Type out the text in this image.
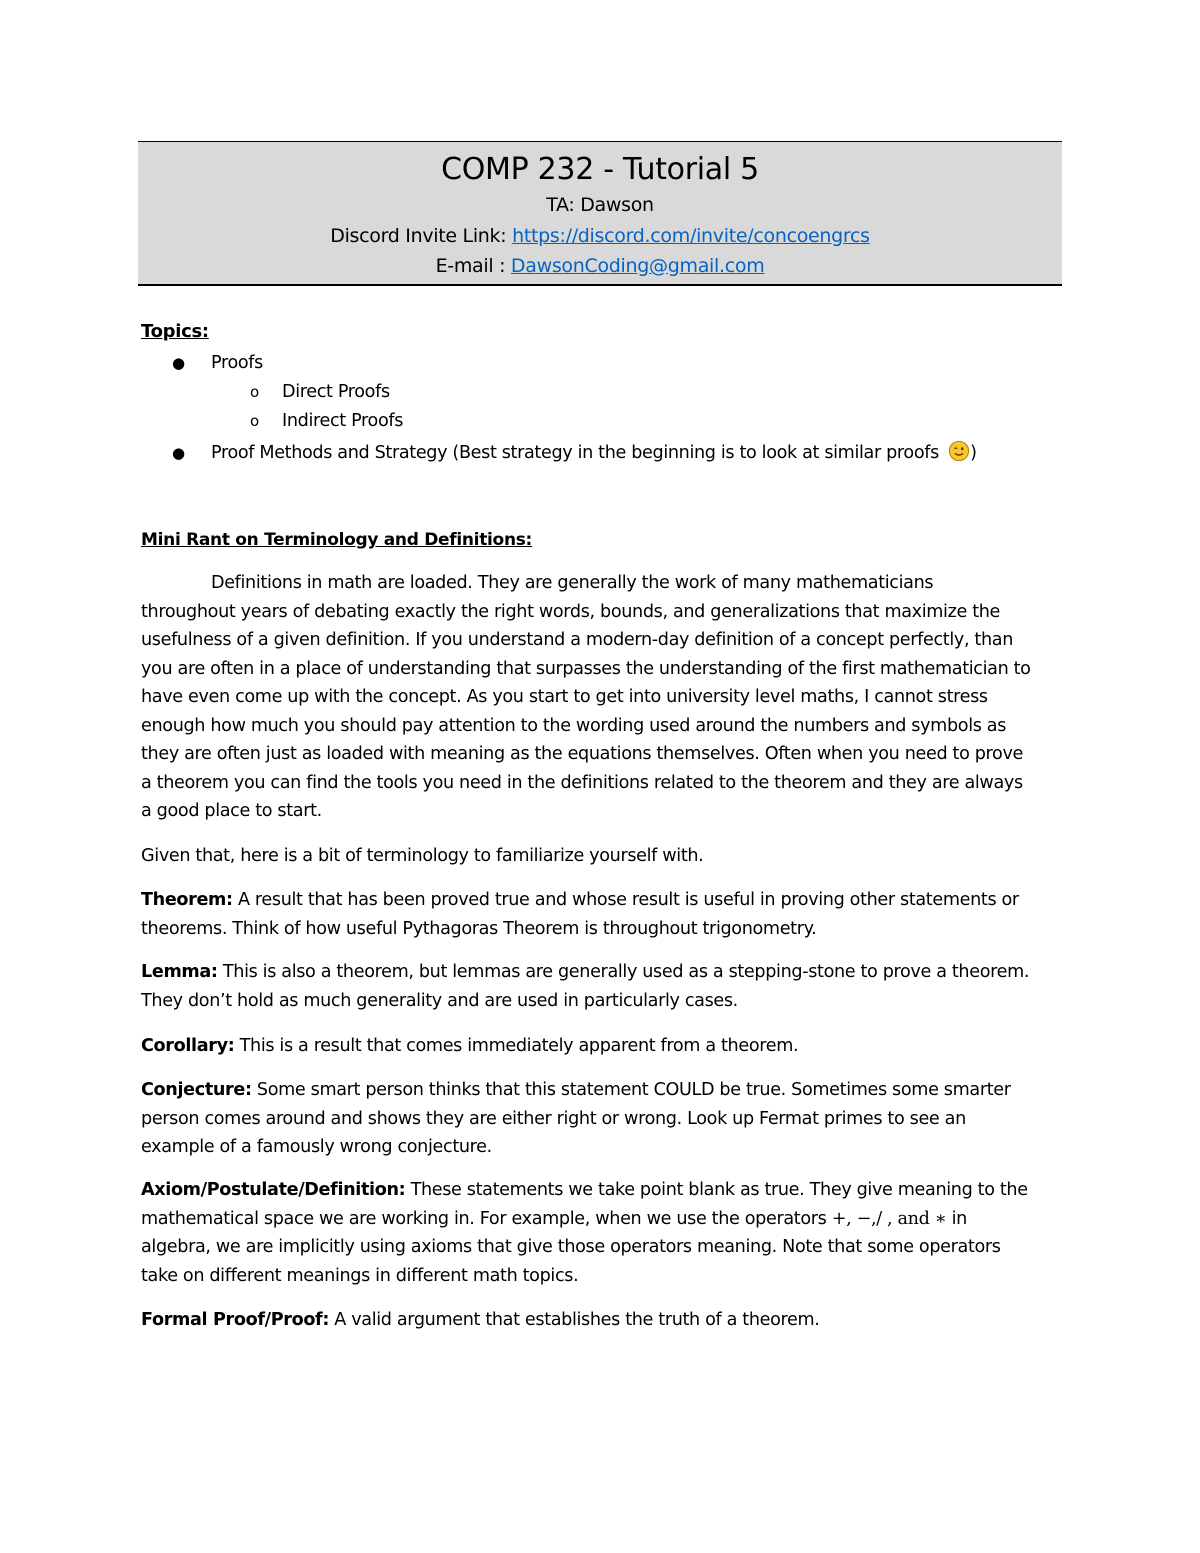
COMP 232 - Tutorial 5
TA: Dawson
Discord Invite Link: https://discord.com/invite/concoengrcs
E-mail : DawsonCoding@gmail.com
Topics:
● Proofs
o Direct Proofs
o Indirect Proofs
● Proof Methods and Strategy (Best strategy in the beginning is to look at similar proofs )
Mini Rant on Terminology and Definitions:
Definitions in math are loaded. They are generally the work of many mathematicians
throughout years of debating exactly the right words, bounds, and generalizations that maximize the
usefulness of a given definition. If you understand a modern-day definition of a concept perfectly, than
you are often in a place of understanding that surpasses the understanding of the first mathematician to
have even come up with the concept. As you start to get into university level maths, I cannot stress
enough how much you should pay attention to the wording used around the numbers and symbols as
they are often just as loaded with meaning as the equations themselves. Often when you need to prove
a theorem you can find the tools you need in the definitions related to the theorem and they are always
a good place to start.
Given that, here is a bit of terminology to familiarize yourself with.
Theorem: A result that has been proved true and whose result is useful in proving other statements or
theorems. Think of how useful Pythagoras Theorem is throughout trigonometry.
Lemma: This is also a theorem, but lemmas are generally used as a stepping-stone to prove a theorem.
They don’t hold as much generality and are used in particularly cases.
Corollary: This is a result that comes immediately apparent from a theorem.
Conjecture: Some smart person thinks that this statement COULD be true. Sometimes some smarter
person comes around and shows they are either right or wrong. Look up Fermat primes to see an
example of a famously wrong conjecture.
Axiom/Postulate/Definition: These statements we take point blank as true. They give meaning to the
mathematical space we are working in. For example, when we use the operators +, −,/ , and ∗ in
algebra, we are implicitly using axioms that give those operators meaning. Note that some operators
take on different meanings in different math topics.
Formal Proof/Proof: A valid argument that establishes the truth of a theorem.
